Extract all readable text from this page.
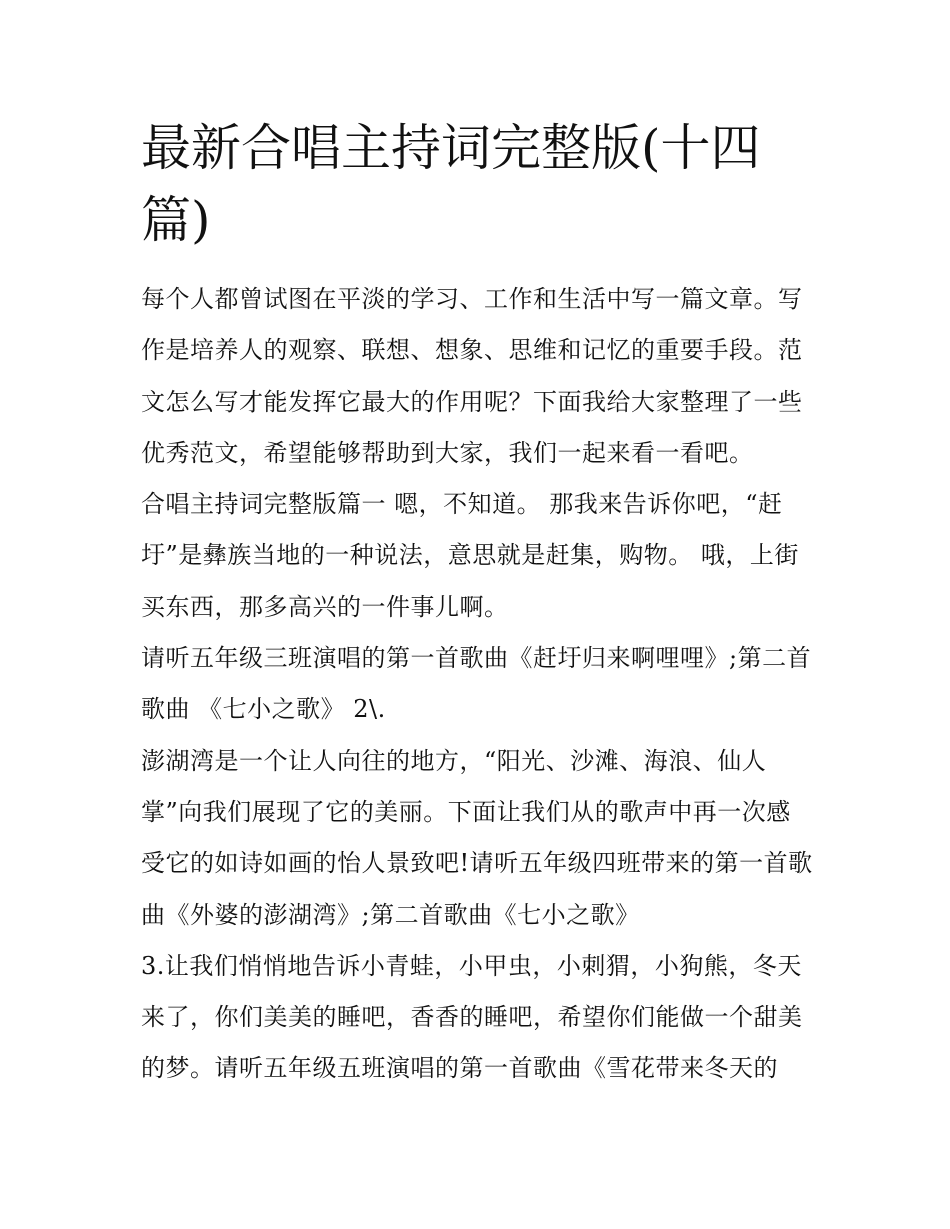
最新合唱主持词完整版(十四篇)

每个人都曾试图在平淡的学习、工作和生活中写一篇文章。写作是培养人的观察、联想、想象、思维和记忆的重要手段。范文怎么写才能发挥它最大的作用呢？下面我给大家整理了一些优秀范文，希望能够帮助到大家，我们一起来看一看吧。

合唱主持词完整版篇一 嗯，不知道。 那我来告诉你吧，“赶圩”是彝族当地的一种说法，意思就是赶集，购物。 哦，上街买东西，那多高兴的一件事儿啊。

请听五年级三班演唱的第一首歌曲《赶圩归来啊哩哩》;第二首歌曲 《七小之歌》 2\.

澎湖湾是一个让人向往的地方，“阳光、沙滩、海浪、仙人掌”向我们展现了它的美丽。下面让我们从的歌声中再一次感受它的如诗如画的怡人景致吧!请听五年级四班带来的第一首歌曲《外婆的澎湖湾》;第二首歌曲《七小之歌》

3.让我们悄悄地告诉小青蛙，小甲虫，小刺猬，小狗熊，冬天来了，你们美美的睡吧，香香的睡吧，希望你们能做一个甜美的梦。请听五年级五班演唱的第一首歌曲《雪花带来冬天的
